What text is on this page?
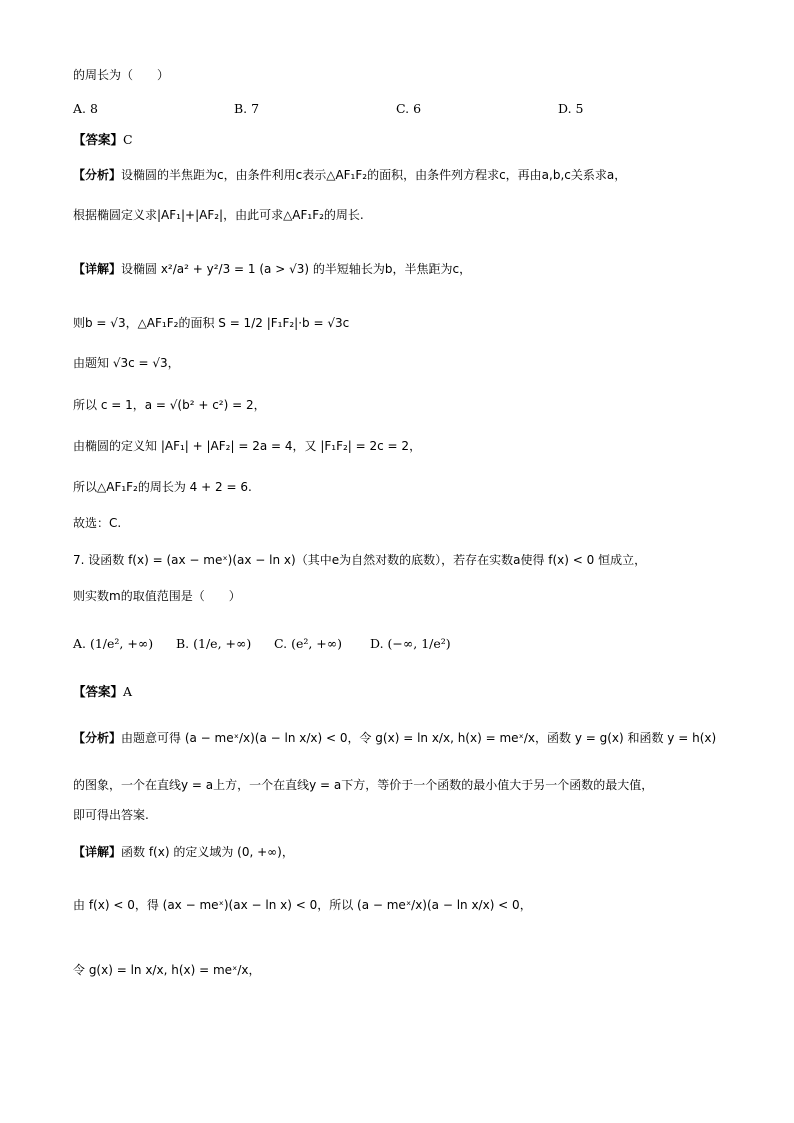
的周长为（　　）
A. 8	B. 7	C. 6	D. 5
【答案】C
【分析】设椭圆的半焦距为c，由条件利用c表示△AF₁F₂的面积，由条件列方程求c，再由a,b,c关系求a，
根据椭圆定义求|AF₁|+|AF₂|，由此可求△AF₁F₂的周长.
【详解】设椭圆 x²/a² + y²/3 = 1 (a > √3) 的半短轴长为b，半焦距为c，
则b = √3，△AF₁F₂的面积 S = 1/2 |F₁F₂|·b = √3c
由题知 √3c = √3，
所以 c = 1，a = √(b² + c²) = 2，
由椭圆的定义知 |AF₁| + |AF₂| = 2a = 4，又 |F₁F₂| = 2c = 2，
所以△AF₁F₂的周长为 4 + 2 = 6.
故选：C.
7. 设函数 f(x) = (ax − meˣ)(ax − ln x)（其中e为自然对数的底数），若存在实数a使得 f(x) < 0 恒成立，
则实数m的取值范围是（　　）
A. (1/e², +∞) B. (1/e, +∞) C. (e², +∞) D. (−∞, 1/e²)
【答案】A
【分析】由题意可得 (a − meˣ/x)(a − ln x/x) < 0，令 g(x) = ln x/x, h(x) = meˣ/x，函数 y = g(x) 和函数 y = h(x)
的图象，一个在直线y = a上方，一个在直线y = a下方，等价于一个函数的最小值大于另一个函数的最大值，
即可得出答案.
【详解】函数 f(x) 的定义域为 (0, +∞)，
由 f(x) < 0，得 (ax − meˣ)(ax − ln x) < 0，所以 (a − meˣ/x)(a − ln x/x) < 0，
令 g(x) = ln x/x, h(x) = meˣ/x，
